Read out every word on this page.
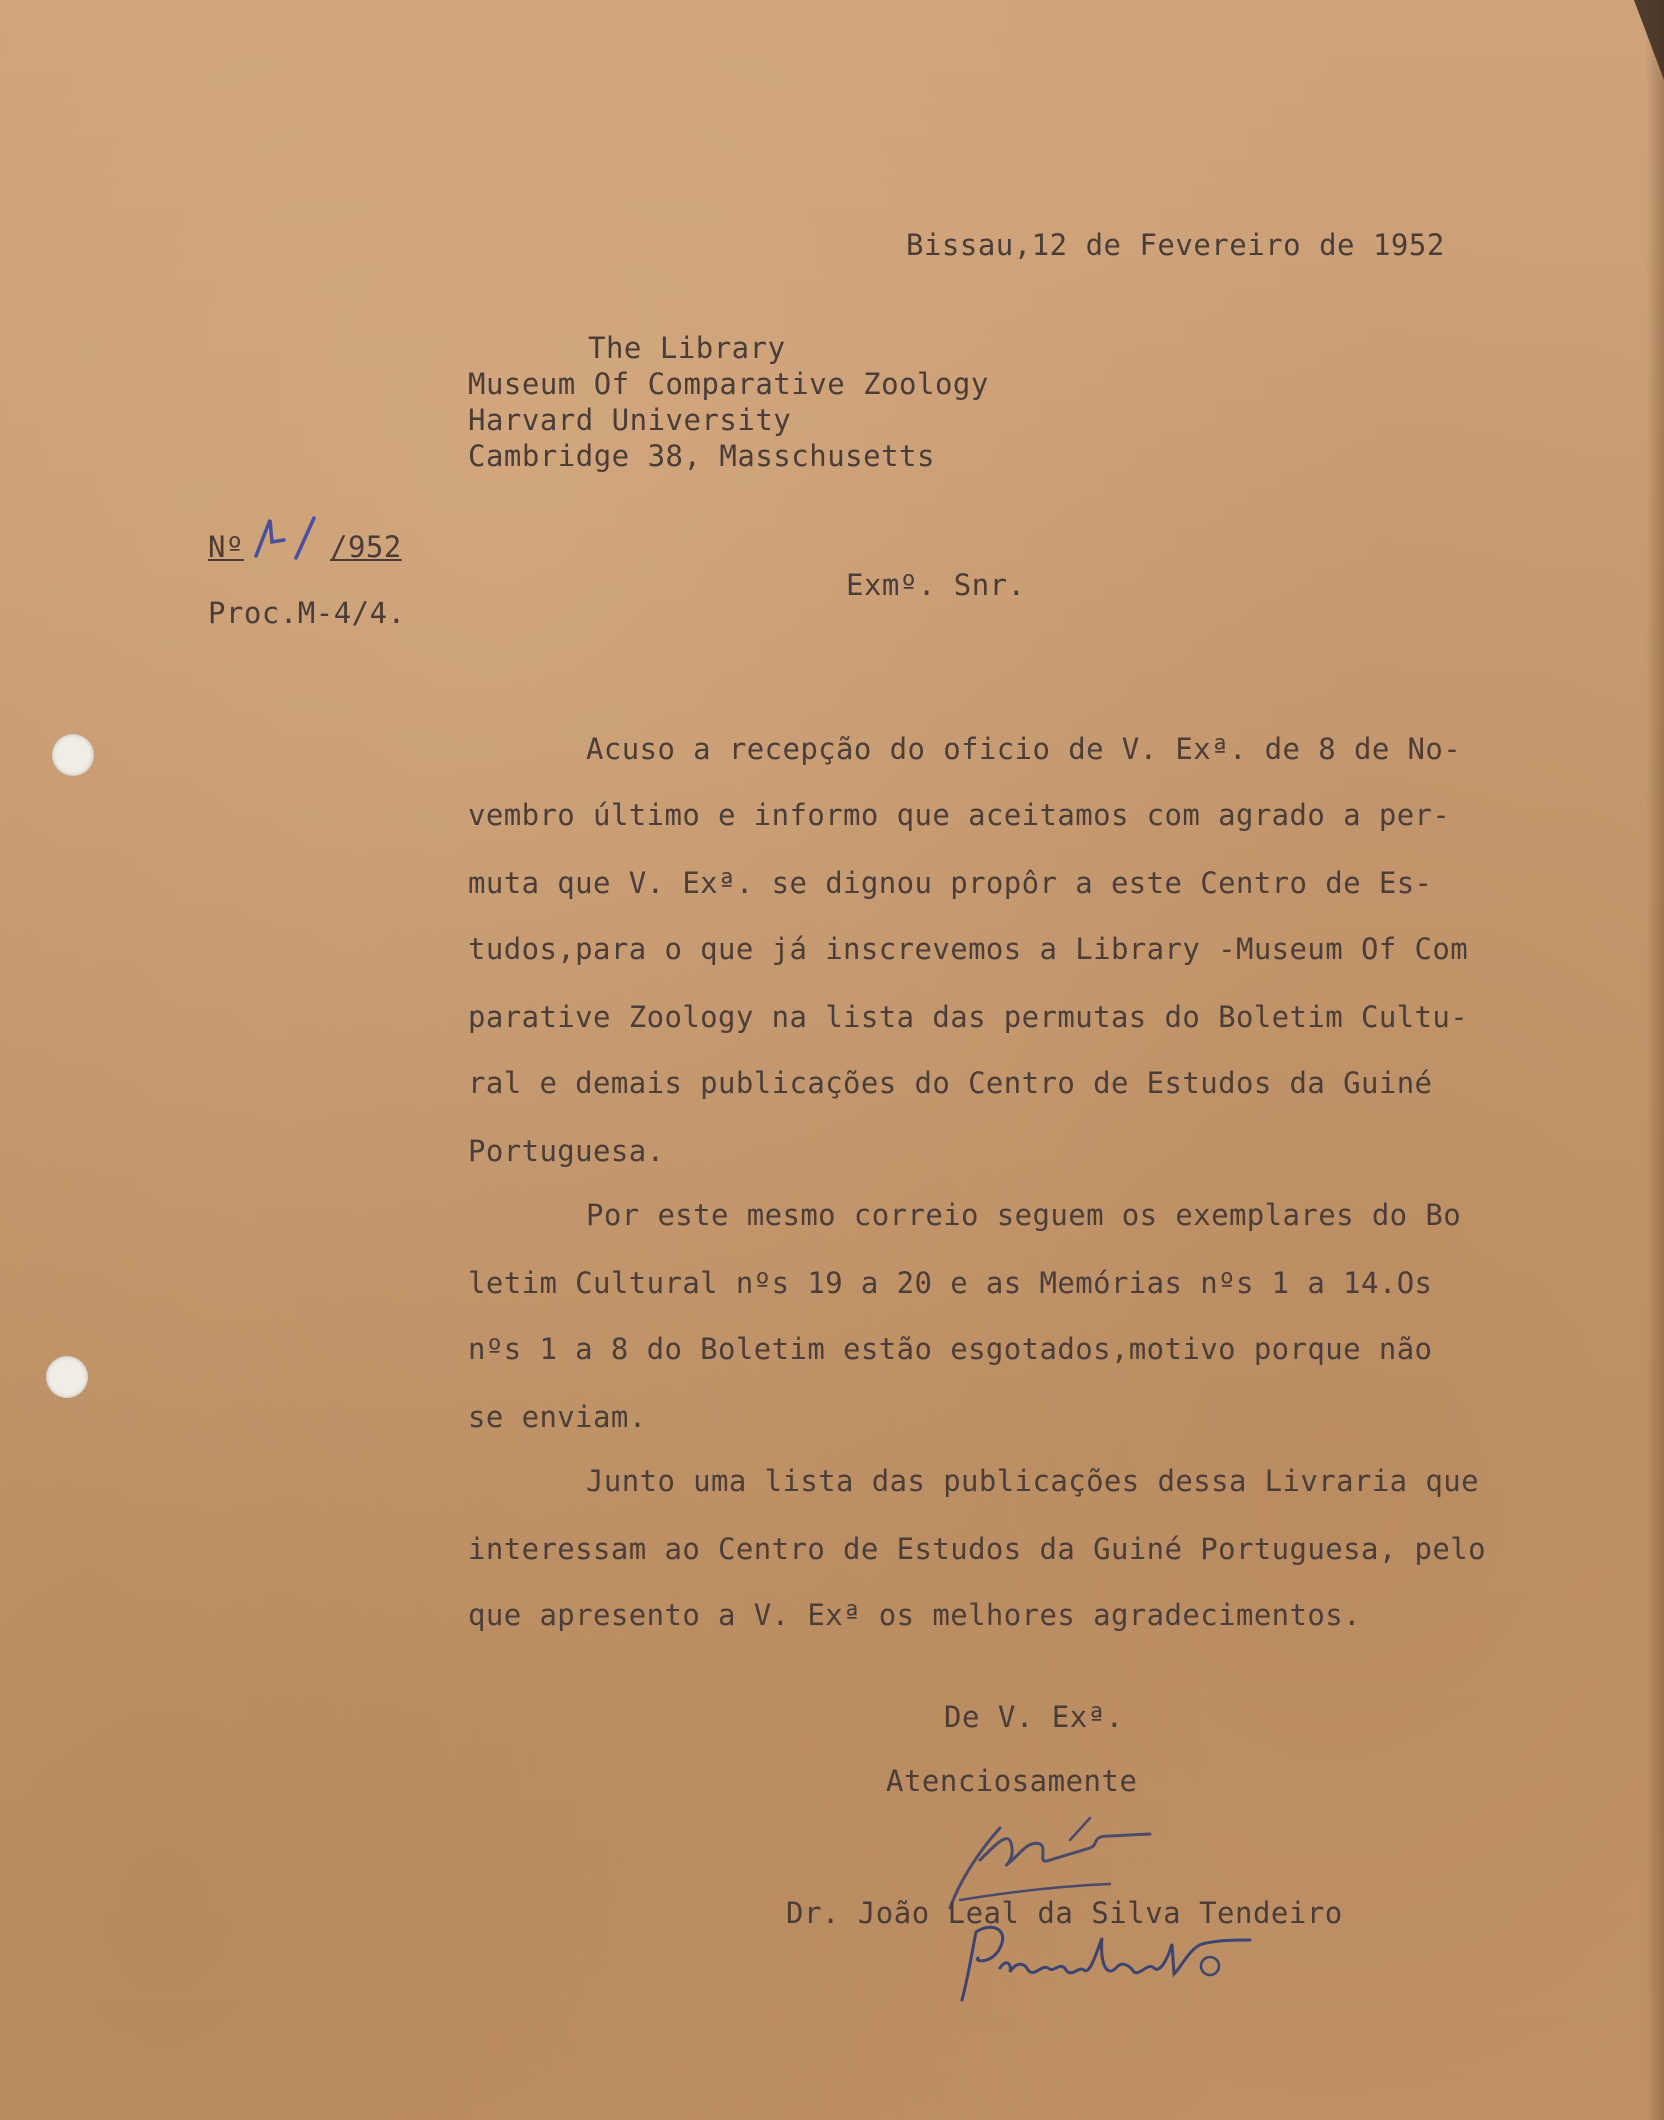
Bissau,12 de Fevereiro de 1952
The Library
Museum Of Comparative Zoology
Harvard University
Cambridge 38, Masschusetts
Nº	/952
Proc.M-4/4.
Exmº. Snr.
Acuso a recepção do oficio de V. Exª. de 8 de No-
vembro último e informo que aceitamos com agrado a per-
muta que V. Exª. se dignou propôr a este Centro de Es-
tudos,para o que já inscrevemos a Library -Museum Of Com
parative Zoology na lista das permutas do Boletim Cultu-
ral e demais publicações do Centro de Estudos da Guiné
Portuguesa.
Por este mesmo correio seguem os exemplares do Bo
letim Cultural nºs 19 a 20 e as Memórias nºs 1 a 14.Os
nºs 1 a 8 do Boletim estão esgotados,motivo porque não
se enviam.
Junto uma lista das publicações dessa Livraria que
interessam ao Centro de Estudos da Guiné Portuguesa, pelo
que apresento a V. Exª os melhores agradecimentos.
De V. Exª.
Atenciosamente
Dr. João Leal da Silva Tendeiro
